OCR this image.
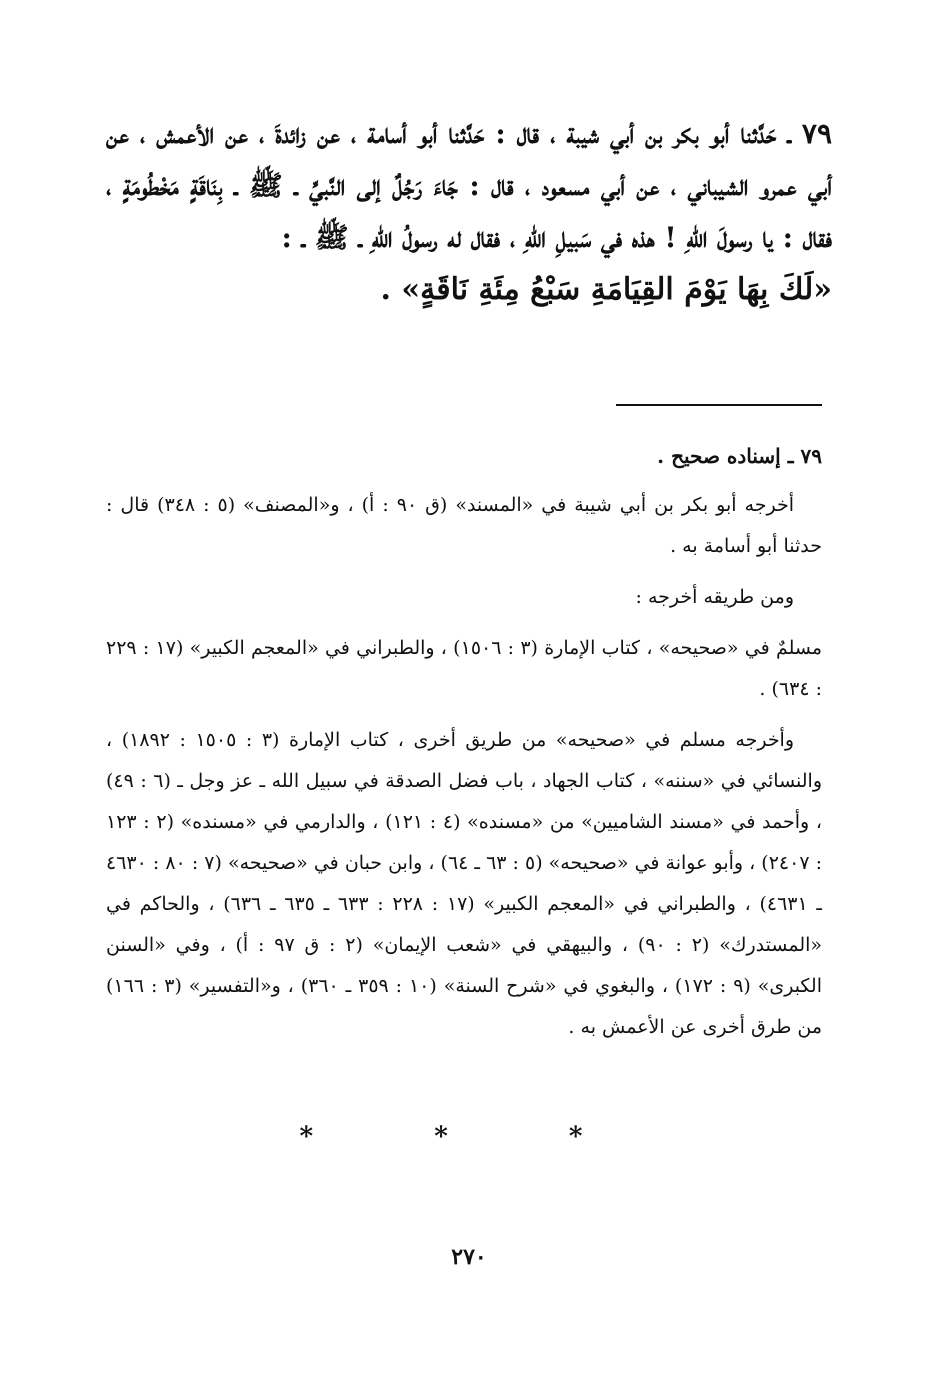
٧٩ ـ حَدَّثنا أبو بكر بن أبي شيبة ، قال : حَدَّثنا أبو أسامة ، عن زائدةَ ، عن الأعمش ، عن أبي عمرو الشيباني ، عن أبي مسعود ، قال : جَاءَ رَجُلٌ إلى النَّبيِّ ـ ﷺ ـ بِنَاقَةٍ مَخْطُومَةٍ ، فقال : يا رسولَ اللهِ ! هذه في سَبيلِ اللهِ ، فقال له رسولُ اللهِ ـ ﷺ ـ :

«لَكَ بِهَا يَوْمَ القِيَامَةِ سَبْعُ مِئَةِ نَاقَةٍ» .

٧٩ ـ إسناده صحيح .

أخرجه أبو بكر بن أبي شيبة في «المسند» (ق ٩٠ : أ) ، و«المصنف» (٥ : ٣٤٨) قال : حدثنا أبو أسامة به .

ومن طريقه أخرجه :

مسلمٌ في «صحيحه» ، كتاب الإمارة (٣ : ١٥٠٦) ، والطبراني في «المعجم الكبير» (١٧ : ٢٢٩ : ٦٣٤) .

وأخرجه مسلم في «صحيحه» من طريق أخرى ، كتاب الإمارة (٣ : ١٥٠٥ : ١٨٩٢) ، والنسائي في «سننه» ، كتاب الجهاد ، باب فضل الصدقة في سبيل الله ـ عز وجل ـ (٦ : ٤٩) ، وأحمد في «مسند الشاميين» من «مسنده» (٤ : ١٢١) ، والدارمي في «مسنده» (٢ : ١٢٣ : ٢٤٠٧) ، وأبو عوانة في «صحيحه» (٥ : ٦٣ ـ ٦٤) ، وابن حبان في «صحيحه» (٧ : ٨٠ : ٤٦٣٠ ـ ٤٦٣١) ، والطبراني في «المعجم الكبير» (١٧ : ٢٢٨ : ٦٣٣ ـ ٦٣٥ ـ ٦٣٦) ، والحاكم في «المستدرك» (٢ : ٩٠) ، والبيهقي في «شعب الإيمان» (٢ : ق ٩٧ : أ) ، وفي «السنن الكبرى» (٩ : ١٧٢) ، والبغوي في «شرح السنة» (١٠ : ٣٥٩ ـ ٣٦٠) ، و«التفسير» (٣ : ١٦٦) من طرق أخرى عن الأعمش به .

* * *
٢٧٠
